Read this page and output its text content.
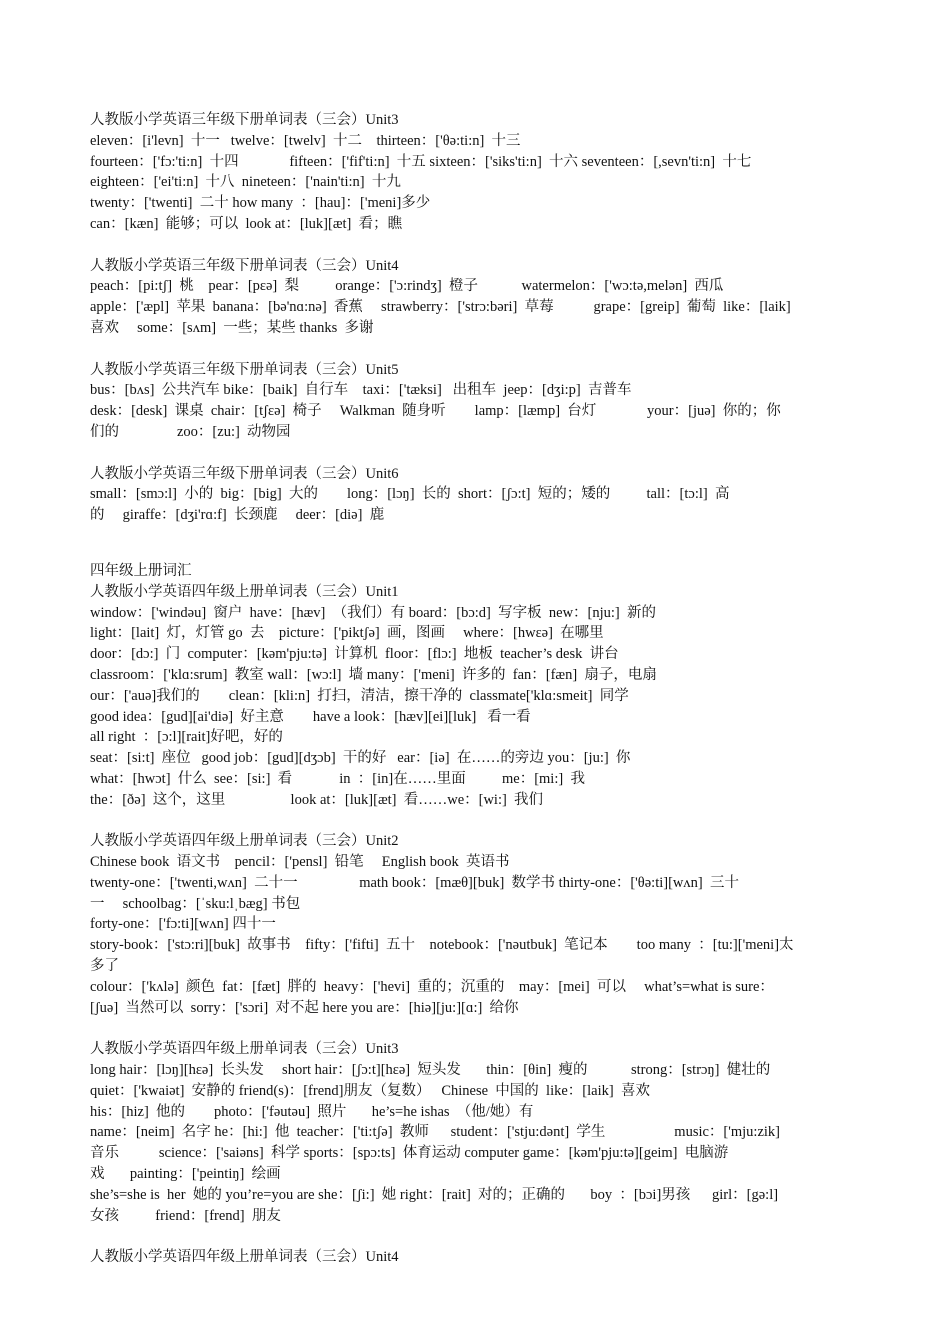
人教版小学英语三年级下册单词表（三会）Unit3
eleven：[i'levn]  十一   twelve：[twelv]  十二    thirteen：['θə:ti:n]  十三
fourteen：['fɔ:'ti:n]  十四              fifteen：['fif'ti:n]  十五 sixteen：['siks'ti:n]  十六 seventeen：[,sevn'ti:n]  十七
eighteen：['ei'ti:n]  十八  nineteen：['nain'ti:n]  十九
twenty：['twenti]  二十 how many  ：[hau]：['meni]多少
can：[kæn]  能够；可以  look at：[luk][æt]  看；瞧
人教版小学英语三年级下册单词表（三会）Unit4
peach：[pi:tʃ]  桃    pear：[pεə]  梨          orange：['ɔ:rindʒ]  橙子            watermelon：['wɔ:tə,melən]  西瓜
apple：['æpl]  苹果  banana：[bə'nɑ:nə]  香蕉     strawberry：['strɔ:bəri]  草莓           grape：[greip]  葡萄  like：[laik]
喜欢     some：[sʌm]  一些；某些 thanks  多谢
人教版小学英语三年级下册单词表（三会）Unit5
bus：[bʌs]  公共汽车 bike：[baik]  自行车    taxi：['tæksi]   出租车  jeep：[dʒi:p]  吉普车
desk：[desk]  课桌  chair：[tʃεə]  椅子     Walkman  随身听        lamp：[læmp]  台灯              your：[juə]  你的；你
们的                zoo：[zu:]  动物园
人教版小学英语三年级下册单词表（三会）Unit6
small：[smɔ:l]  小的  big：[big]  大的        long：[lɔŋ]  长的  short：[ʃɔ:t]  短的；矮的          tall：[tɔ:l]  高
的     giraffe：[dʒi'rɑ:f]  长颈鹿     deer：[diə]  鹿
四年级上册词汇
人教版小学英语四年级上册单词表（三会）Unit1
window：['windəu]  窗户  have：[hæv]  （我们）有 board：[bɔ:d]  写字板  new：[nju:]  新的
light：[lait]  灯，灯管 go  去    picture：['piktʃə]  画，图画     where：[hwεə]  在哪里
door：[dɔ:]  门  computer：[kəm'pju:tə]  计算机  floor：[flɔ:]  地板  teacher’s desk  讲台
classroom：['klɑ:srum]  教室 wall：[wɔ:l]  墙 many：['meni]  许多的  fan：[fæn]  扇子，电扇
our：['auə]我们的        clean：[kli:n]  打扫，清洁，擦干净的  classmate['klɑ:smeit]  同学
good idea：[gud][ai'diə]  好主意        have a look：[hæv][ei][luk]   看一看
all right  ：[ɔ:l][rait]好吧，好的
seat：[si:t]  座位   good job：[gud][dʒɔb]  干的好   ear：[iə]  在……的旁边 you：[ju:]  你
what：[hwɔt]  什么  see：[si:]  看             in  ：[in]在……里面          me：[mi:]  我
the：[ðə]  这个，这里                  look at：[luk][æt]  看……we：[wi:]  我们
人教版小学英语四年级上册单词表（三会）Unit2
Chinese book  语文书    pencil：['pensl]  铅笔     English book  英语书
twenty-one：['twenti,wʌn]  二十一                 math book：[mæθ][buk]  数学书 thirty-one：['θə:ti][wʌn]  三十
一     schoolbag：[ˈsku:lˌbæg] 书包
forty-one：['fɔ:ti][wʌn] 四十一
story-book：['stɔ:ri][buk]  故事书    fifty：['fifti]  五十    notebook：['nəutbuk]  笔记本        too many  ：[tu:]['meni]太
多了
colour：['kʌlə]  颜色  fat：[fæt]  胖的  heavy：['hevi]  重的；沉重的    may：[mei]  可以     what’s=what is sure：
[ʃuə]  当然可以  sorry：['sɔri]  对不起 here you are：[hiə][ju:][ɑ:]  给你
人教版小学英语四年级上册单词表（三会）Unit3
long hair：[lɔŋ][hεə]  长头发     short hair：[ʃɔ:t][hεə]  短头发       thin：[θin]  瘦的            strong：[strɔŋ]  健壮的
quiet：['kwaiət]  安静的 friend(s)：[frend]朋友（复数）   Chinese  中国的  like：[laik]  喜欢
his：[hiz]  他的        photo：['fəutəu]  照片       he’s=he ishas  （他/她）有
name：[neim]  名字 he：[hi:]  他  teacher：['ti:tʃə]  教师      student：['stju:dənt]  学生                   music：['mju:zik]
音乐           science：['saiəns]  科学 sports：[spɔ:ts]  体育运动 computer game：[kəm'pju:tə][geim]  电脑游
戏       painting：['peintiŋ]  绘画
she’s=she is  her  她的 you’re=you are she：[ʃi:]  她 right：[rait]  对的；正确的       boy  ：[bɔi]男孩      girl：[gə:l]
女孩          friend：[frend]  朋友
人教版小学英语四年级上册单词表（三会）Unit4
